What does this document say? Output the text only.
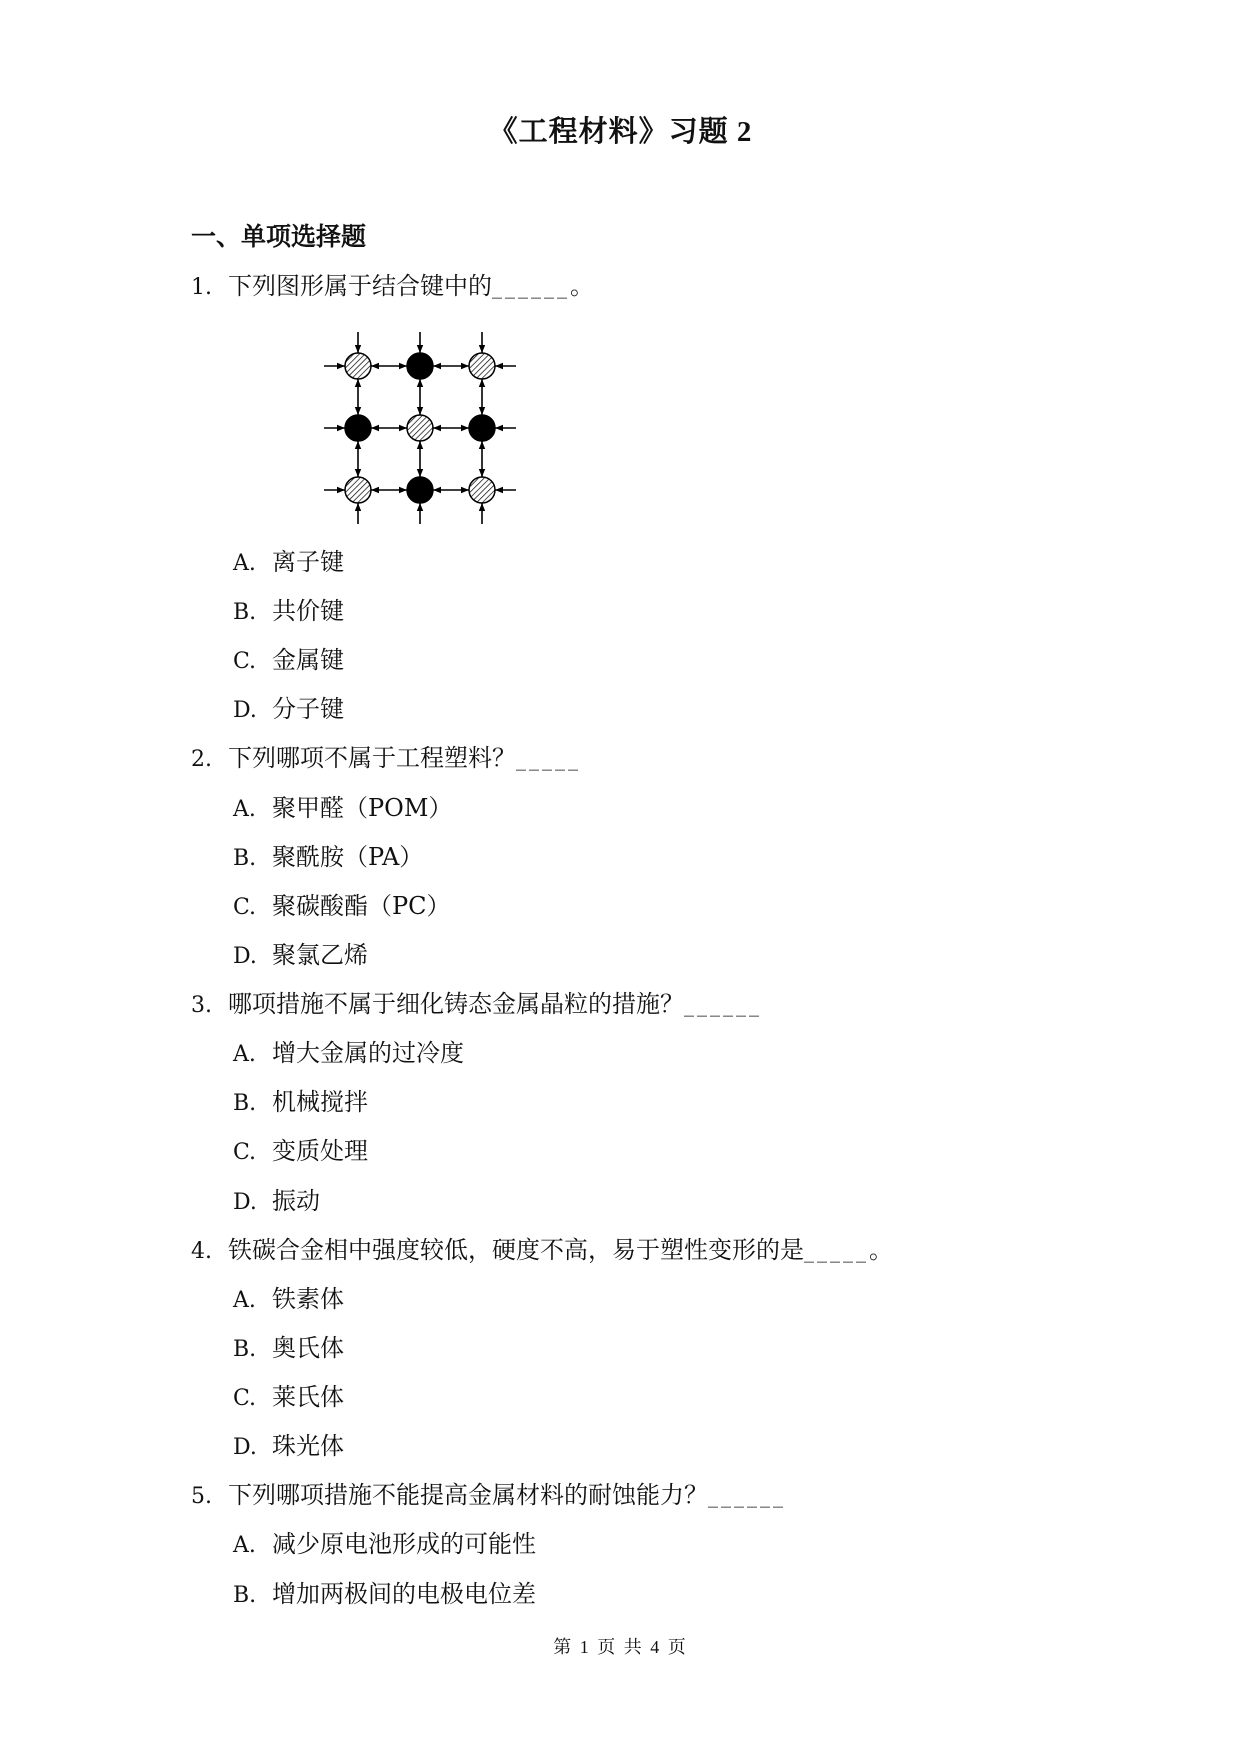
《工程材料》习题 2
一、单项选择题
1. 下列图形属于结合键中的______。
A. 离子键
B. 共价键
C. 金属键
D. 分子键
2. 下列哪项不属于工程塑料？_____
A. 聚甲醛（POM）
B. 聚酰胺（PA）
C. 聚碳酸酯（PC）
D. 聚氯乙烯
3. 哪项措施不属于细化铸态金属晶粒的措施？______
A. 增大金属的过冷度
B. 机械搅拌
C. 变质处理
D. 振动
4. 铁碳合金相中强度较低，硬度不高，易于塑性变形的是_____。
A. 铁素体
B. 奥氏体
C. 莱氏体
D. 珠光体
5. 下列哪项措施不能提高金属材料的耐蚀能力？______
A. 减少原电池形成的可能性
B. 增加两极间的电极电位差
第 1 页 共 4 页
